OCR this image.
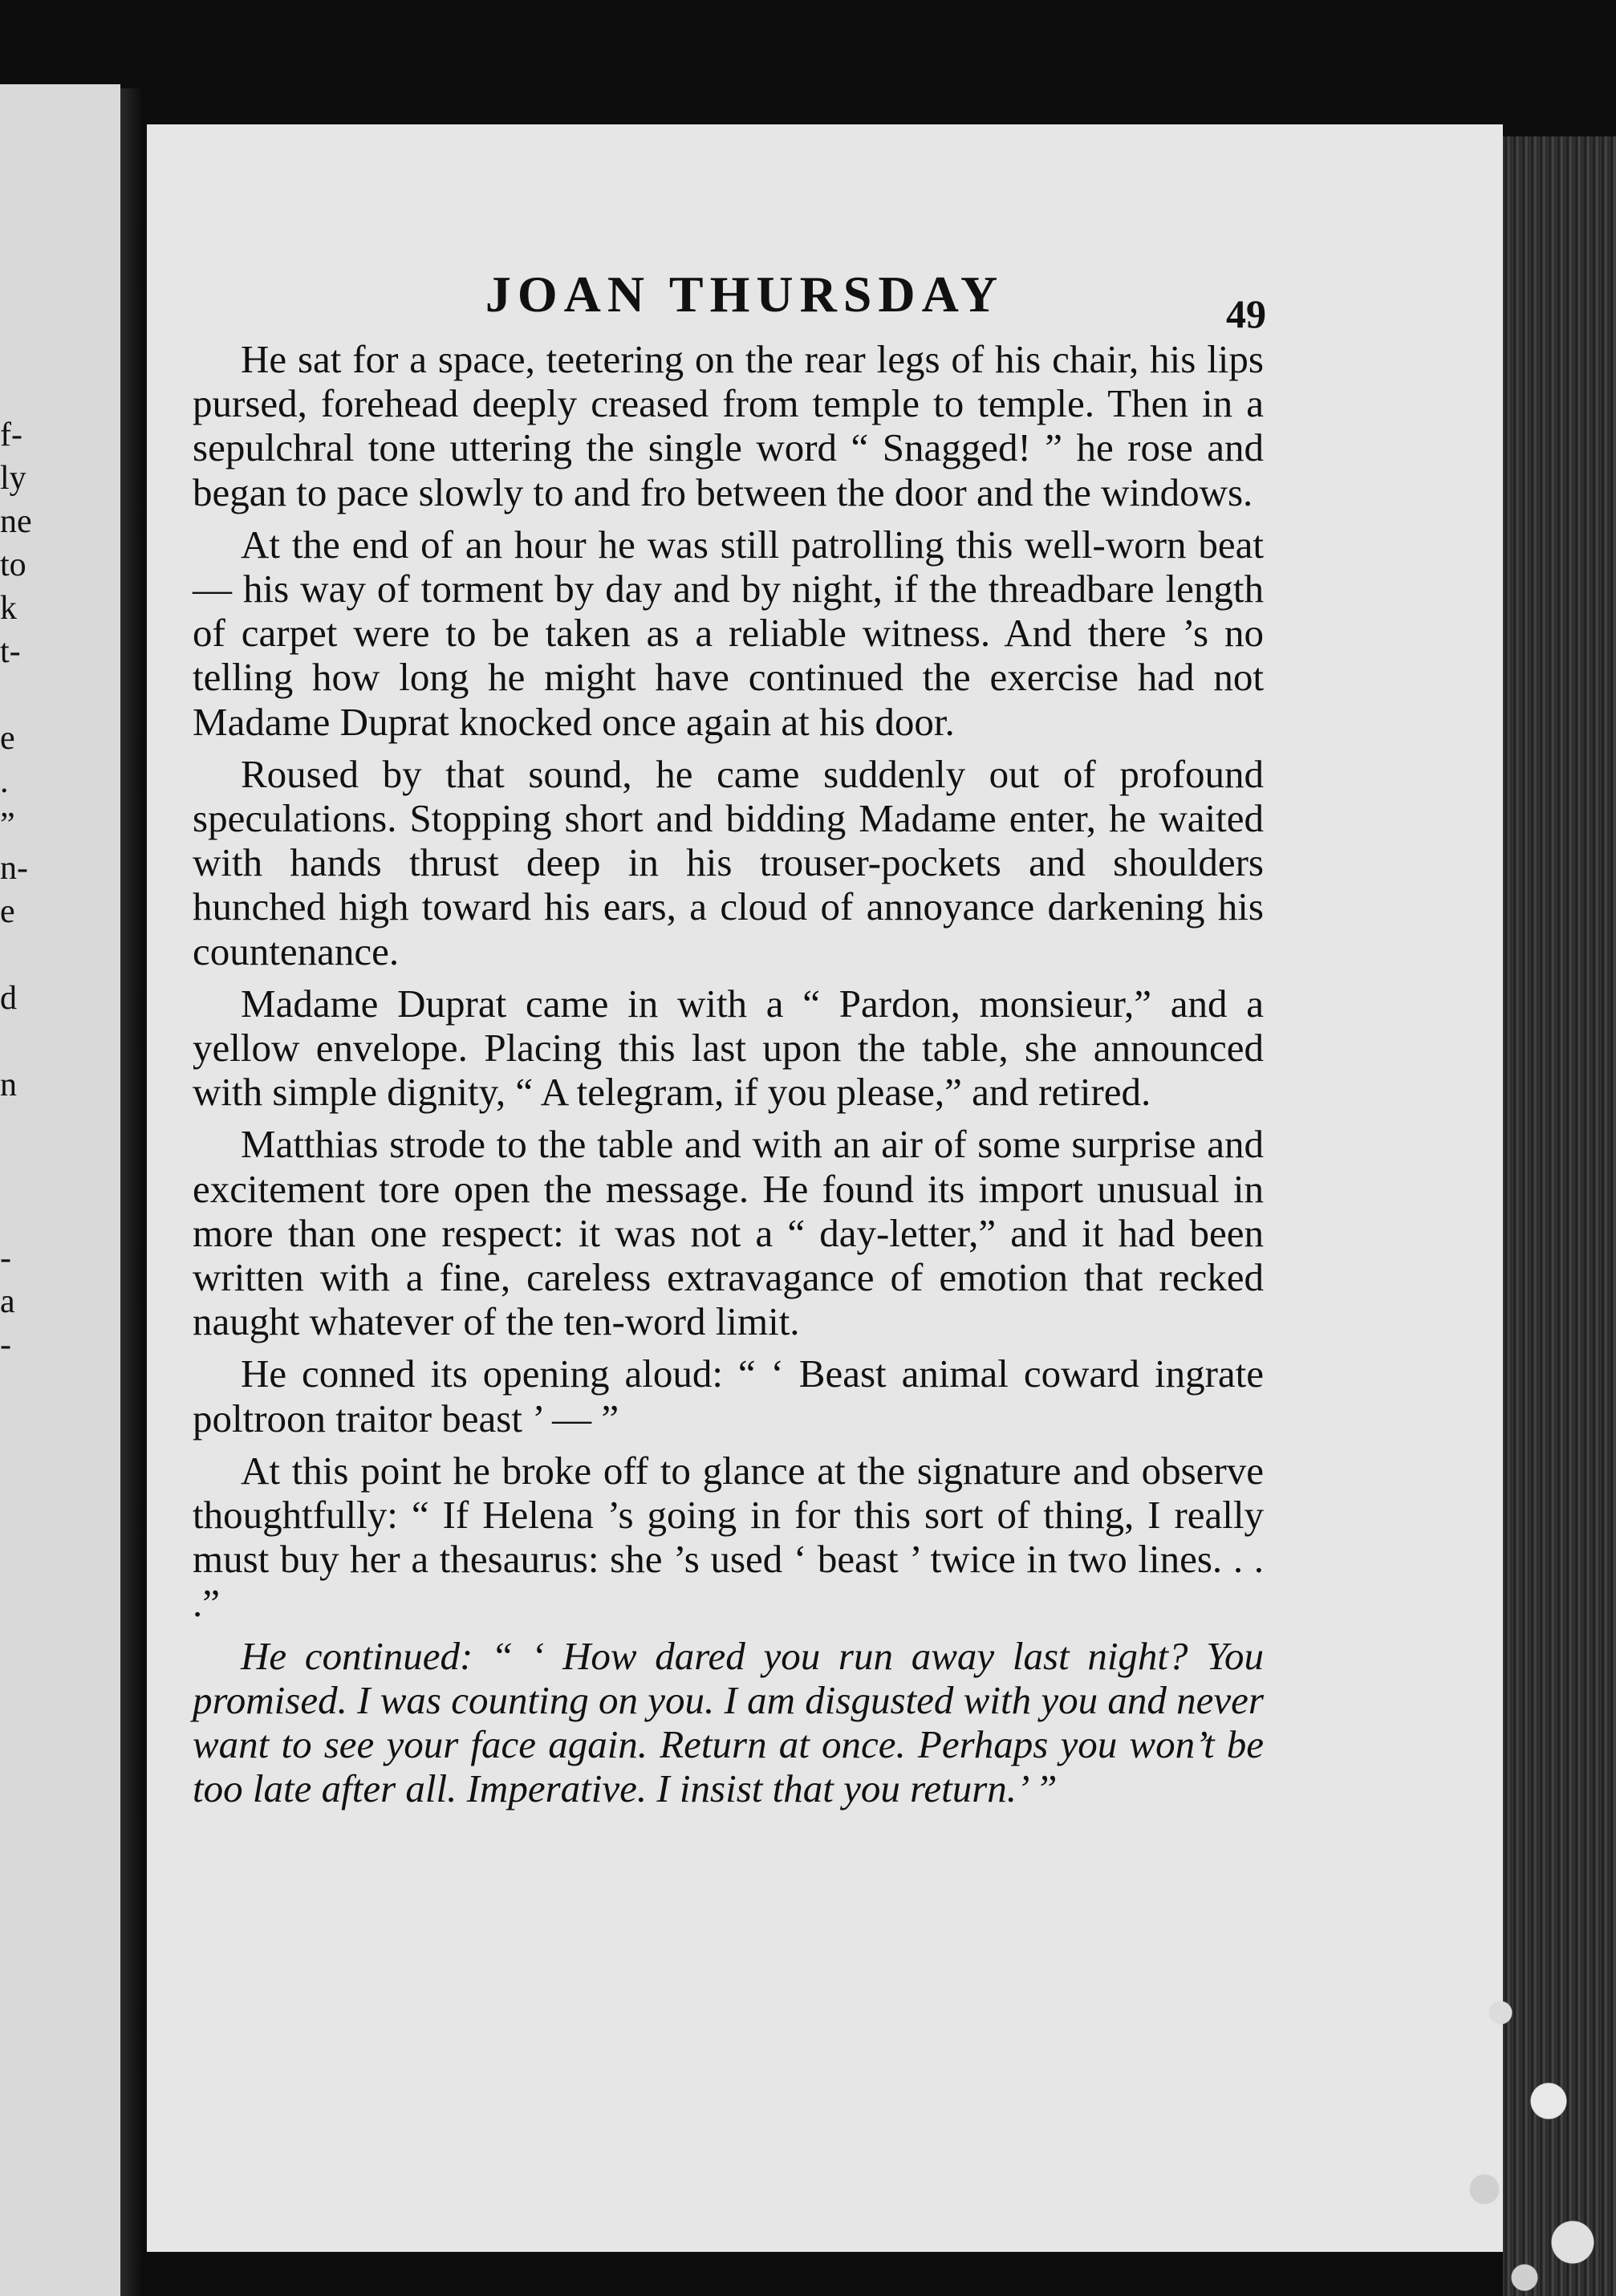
f-
ly
ne
to
k
t-
e
.
”
n-
e
d
n
-
a
-
JOAN THURSDAY	49

He sat for a space, teetering on the rear legs of his chair, his lips pursed, forehead deeply creased from temple to temple. Then in a sepulchral tone uttering the single word “ Snagged! ” he rose and began to pace slowly to and fro between the door and the windows.

At the end of an hour he was still patrolling this well-worn beat — his way of torment by day and by night, if the threadbare length of carpet were to be taken as a reliable witness. And there ’s no telling how long he might have continued the exercise had not Madame Duprat knocked once again at his door.

Roused by that sound, he came suddenly out of profound speculations. Stopping short and bidding Madame enter, he waited with hands thrust deep in his trouser-pockets and shoulders hunched high toward his ears, a cloud of annoyance darkening his countenance.

Madame Duprat came in with a “ Pardon, monsieur,” and a yellow envelope. Placing this last upon the table, she announced with simple dignity, “ A telegram, if you please,” and retired.

Matthias strode to the table and with an air of some surprise and excitement tore open the message. He found its import unusual in more than one respect: it was not a “ day-letter,” and it had been written with a fine, careless extravagance of emotion that recked naught whatever of the ten-word limit.

He conned its opening aloud: “ ‘ Beast animal coward ingrate poltroon traitor beast ’ — ”

At this point he broke off to glance at the signature and observe thoughtfully: “ If Helena ’s going in for this sort of thing, I really must buy her a thesaurus: she ’s used ‘ beast ’ twice in two lines. . . .”

He continued: “ ‘ How dared you run away last night? You promised. I was counting on you. I am disgusted with you and never want to see your face again. Return at once. Perhaps you won’t be too late after all. Imperative. I insist that you return.’ ”
